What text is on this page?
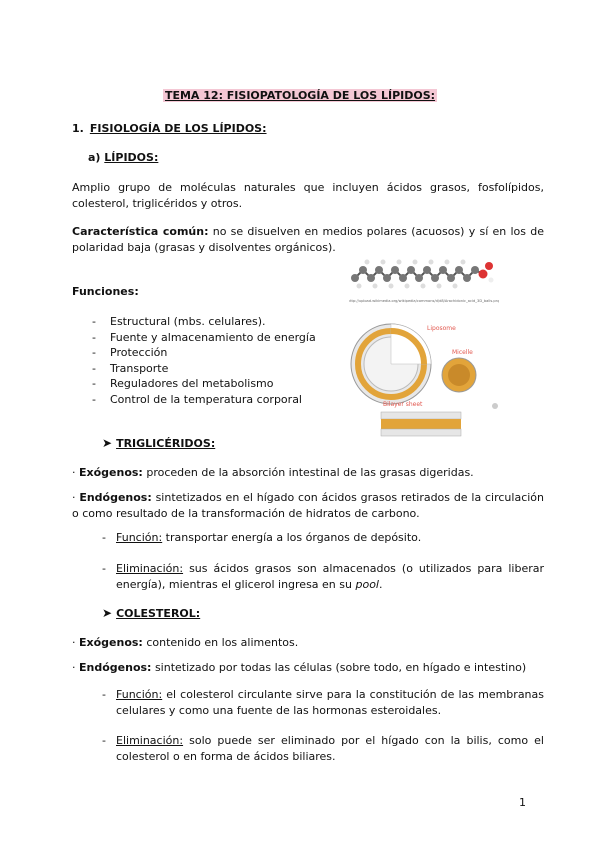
TEMA 12: FISIOPATOLOGÍA DE LOS LÍPIDOS:
1. FISIOLOGÍA DE LOS LÍPIDOS:
a) LÍPIDOS:
Amplio grupo de moléculas naturales que incluyen ácidos grasos, fosfolípidos, colesterol, triglicéridos y otros.
Característica común: no se disuelven en medios polares (acuosos) y sí en los de polaridad baja (grasas y disolventes orgánicos).
Funciones:
- Estructural (mbs. celulares).
- Fuente y almacenamiento de energía
- Protección
- Transporte
- Reguladores del metabolismo
- Control de la temperatura corporal
http://upload.wikimedia.org/wikipedia/commons/d/d8/Arachidonic_acid_3D_balls.png
Liposome
Micelle
Bilayer sheet
➤ TRIGLICÉRIDOS:
· Exógenos: proceden de la absorción intestinal de las grasas digeridas.
· Endógenos: sintetizados en el hígado con ácidos grasos retirados de la circulación o como resultado de la transformación de hidratos de carbono.
- Función: transportar energía a los órganos de depósito.
- Eliminación: sus ácidos grasos son almacenados (o utilizados para liberar energía), mientras el glicerol ingresa en su pool.
➤ COLESTEROL:
· Exógenos: contenido en los alimentos.
· Endógenos: sintetizado por todas las células (sobre todo, en hígado e intestino)
- Función: el colesterol circulante sirve para la constitución de las membranas celulares y como una fuente de las hormonas esteroidales.
- Eliminación: solo puede ser eliminado por el hígado con la bilis, como el colesterol o en forma de ácidos biliares.
1
